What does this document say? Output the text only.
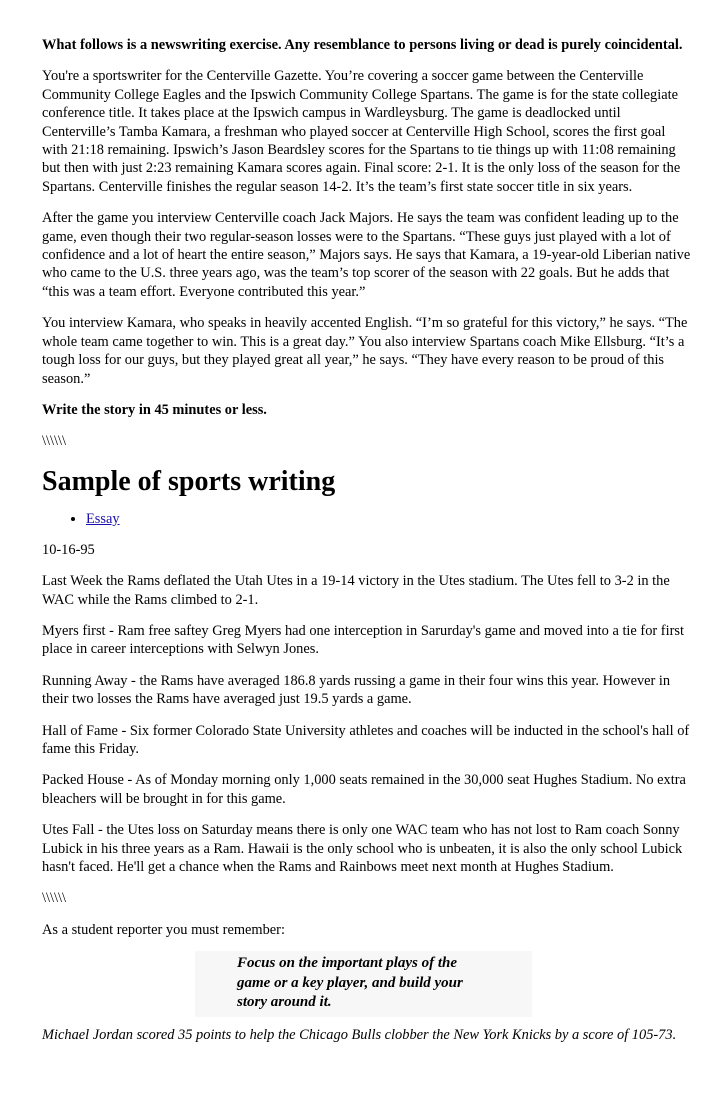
What follows is a newswriting exercise. Any resemblance to persons living or dead is purely coincidental.

You're a sportswriter for the Centerville Gazette. You’re covering a soccer game between the Centerville Community College Eagles and the Ipswich Community College Spartans. The game is for the state collegiate conference title. It takes place at the Ipswich campus in Wardleysburg. The game is deadlocked until Centerville’s Tamba Kamara, a freshman who played soccer at Centerville High School, scores the first goal with 21:18 remaining. Ipswich’s Jason Beardsley scores for the Spartans to tie things up with 11:08 remaining but then with just 2:23 remaining Kamara scores again. Final score: 2-1. It is the only loss of the season for the Spartans. Centerville finishes the regular season 14-2. It’s the team’s first state soccer title in six years.

After the game you interview Centerville coach Jack Majors. He says the team was confident leading up to the game, even though their two regular-season losses were to the Spartans. “These guys just played with a lot of confidence and a lot of heart the entire season,” Majors says. He says that Kamara, a 19-year-old Liberian native who came to the U.S. three years ago, was the team’s top scorer of the season with 22 goals. But he adds that “this was a team effort. Everyone contributed this year.”

You interview Kamara, who speaks in heavily accented English. “I’m so grateful for this victory,” he says. “The whole team came together to win. This is a great day.” You also interview Spartans coach Mike Ellsburg. “It’s a tough loss for our guys, but they played great all year,” he says. “They have every reason to be proud of this season.”

Write the story in 45 minutes or less.

\\\\\\

Sample of sports writing
• Essay

10-16-95

Last Week the Rams deflated the Utah Utes in a 19-14 victory in the Utes stadium. The Utes fell to 3-2 in the WAC while the Rams climbed to 2-1.

Myers first - Ram free saftey Greg Myers had one interception in Sarurday's game and moved into a tie for first place in career interceptions with Selwyn Jones.

Running Away - the Rams have averaged 186.8 yards russing a game in their four wins this year. However in their two losses the Rams have averaged just 19.5 yards a game.

Hall of Fame - Six former Colorado State University athletes and coaches will be inducted in the school's hall of fame this Friday.

Packed House - As of Monday morning only 1,000 seats remained in the 30,000 seat Hughes Stadium. No extra bleachers will be brought in for this game.

Utes Fall - the Utes loss on Saturday means there is only one WAC team who has not lost to Ram coach Sonny Lubick in his three years as a Ram. Hawaii is the only school who is unbeaten, it is also the only school Lubick hasn't faced. He'll get a chance when the Rams and Rainbows meet next month at Hughes Stadium.

\\\\\\

As a student reporter you must remember:

Focus on the important plays of the
game or a key player, and build your
story around it.

Michael Jordan scored 35 points to help the Chicago Bulls clobber the New York Knicks by a score of 105-73.
